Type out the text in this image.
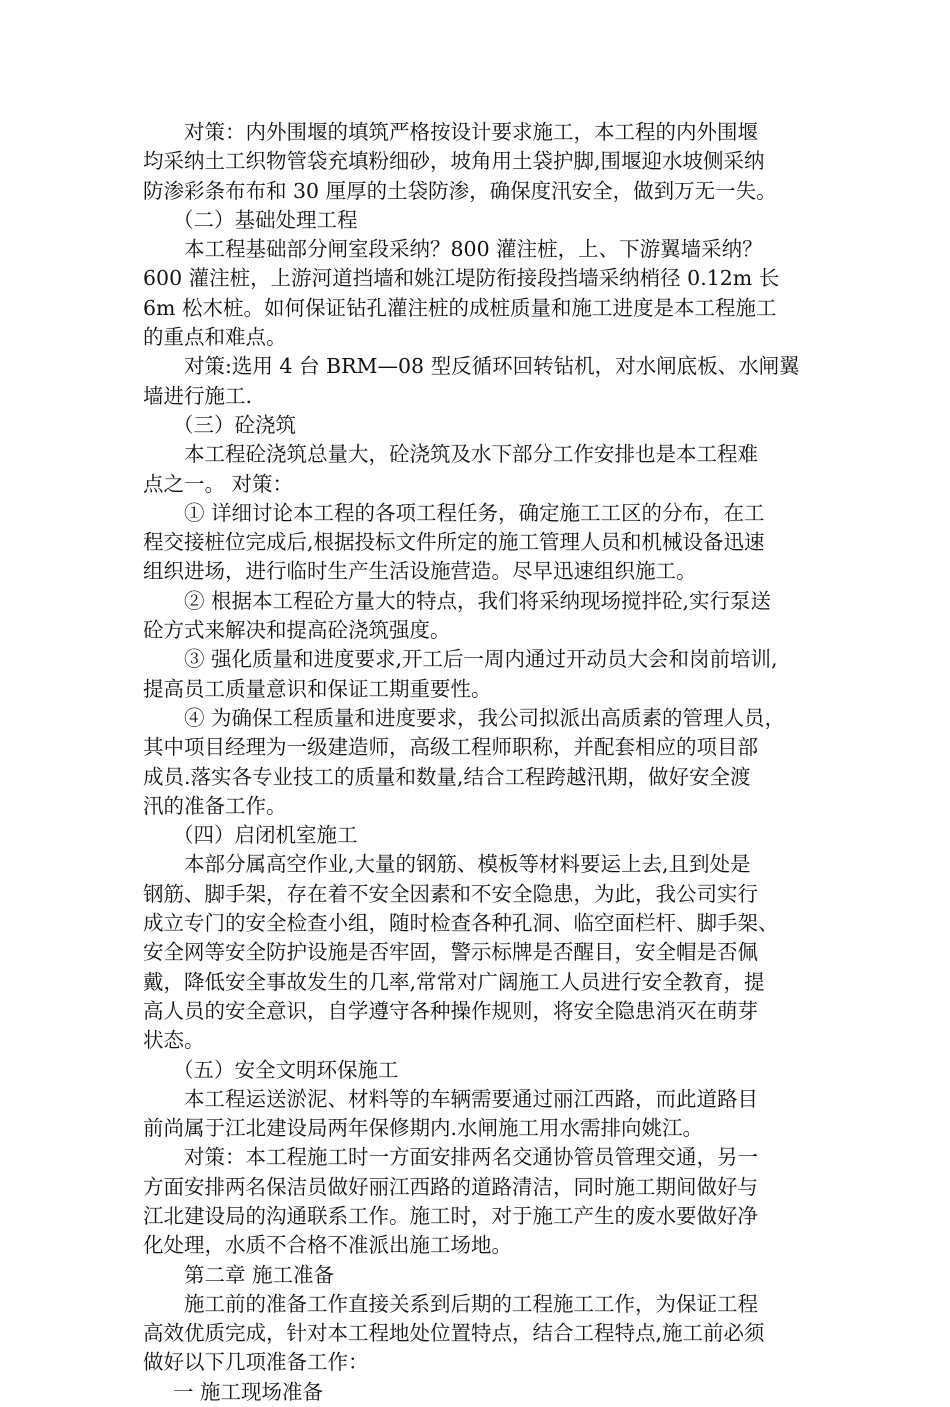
对策：内外围堰的填筑严格按设计要求施工，本工程的内外围堰
均采纳土工织物管袋充填粉细砂，坡角用土袋护脚,围堰迎水坡侧采纳
防渗彩条布布和 30 厘厚的土袋防渗，确保度汛安全，做到万无一失。
（二）基础处理工程
本工程基础部分闸室段采纳？800 灌注桩，上、下游翼墙采纳？
600 灌注桩，上游河道挡墙和姚江堤防衔接段挡墙采纳梢径 0.12m 长
6m 松木桩。如何保证钻孔灌注桩的成桩质量和施工进度是本工程施工
的重点和难点。
对策:选用 4 台 BRM—08 型反循环回转钻机，对水闸底板、水闸翼
墙进行施工.
（三）砼浇筑
本工程砼浇筑总量大，砼浇筑及水下部分工作安排也是本工程难
点之一。 对策：
① 详细讨论本工程的各项工程任务，确定施工工区的分布，在工
程交接桩位完成后,根据投标文件所定的施工管理人员和机械设备迅速
组织进场，进行临时生产生活设施营造。尽早迅速组织施工。
② 根据本工程砼方量大的特点，我们将采纳现场搅拌砼,实行泵送
砼方式来解决和提高砼浇筑强度。
③ 强化质量和进度要求,开工后一周内通过开动员大会和岗前培训,
提高员工质量意识和保证工期重要性。
④ 为确保工程质量和进度要求，我公司拟派出高质素的管理人员，
其中项目经理为一级建造师，高级工程师职称，并配套相应的项目部
成员.落实各专业技工的质量和数量,结合工程跨越汛期，做好安全渡
汛的准备工作。
（四）启闭机室施工
本部分属高空作业,大量的钢筋、模板等材料要运上去,且到处是
钢筋、脚手架，存在着不安全因素和不安全隐患，为此，我公司实行
成立专门的安全检查小组，随时检查各种孔洞、临空面栏杆、脚手架、
安全网等安全防护设施是否牢固，警示标牌是否醒目，安全帽是否佩
戴，降低安全事故发生的几率,常常对广阔施工人员进行安全教育，提
高人员的安全意识，自学遵守各种操作规则，将安全隐患消灭在萌芽
状态。
（五）安全文明环保施工
本工程运送淤泥、材料等的车辆需要通过丽江西路，而此道路目
前尚属于江北建设局两年保修期内.水闸施工用水需排向姚江。
对策：本工程施工时一方面安排两名交通协管员管理交通，另一
方面安排两名保洁员做好丽江西路的道路清洁，同时施工期间做好与
江北建设局的沟通联系工作。施工时，对于施工产生的废水要做好净
化处理，水质不合格不准派出施工场地。
第二章 施工准备
施工前的准备工作直接关系到后期的工程施工工作，为保证工程
高效优质完成，针对本工程地处位置特点，结合工程特点,施工前必须
做好以下几项准备工作：
一 施工现场准备
